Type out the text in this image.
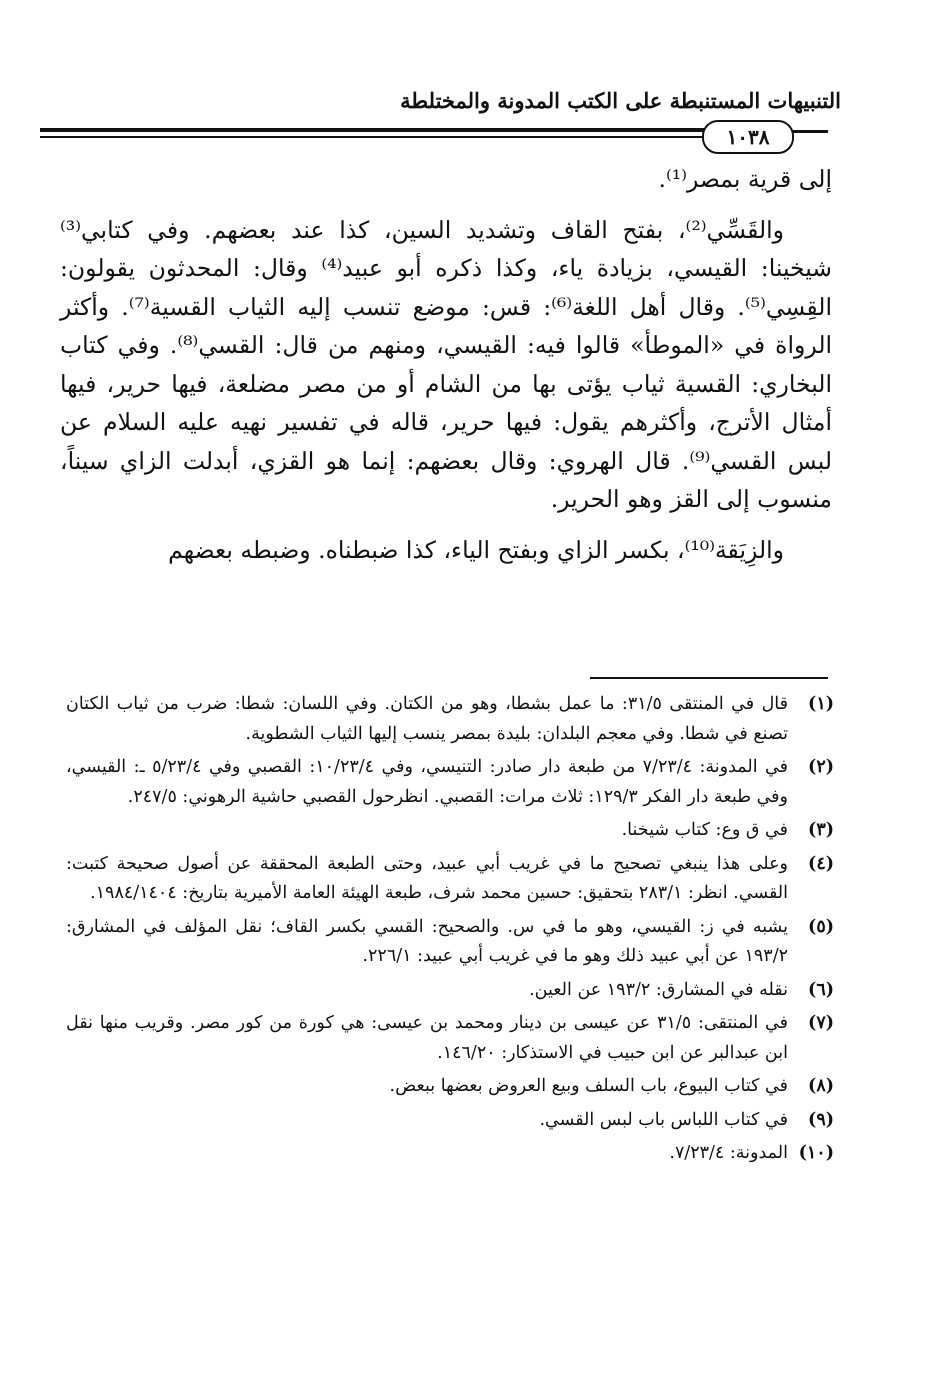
التنبيهات المستنبطة على الكتب المدونة والمختلطة
١٠٣٨

إلى قرية بمصر⁽¹⁾.

والقَسِّي⁽²⁾، بفتح القاف وتشديد السين، كذا عند بعضهم. وفي كتابي⁽³⁾ شيخينا: القيسي، بزيادة ياء، وكذا ذكره أبو عبيد⁽⁴⁾ وقال: المحدثون يقولون: القِسِي⁽⁵⁾. وقال أهل اللغة⁽⁶⁾: قس: موضع تنسب إليه الثياب القسية⁽⁷⁾. وأكثر الرواة في «الموطأ» قالوا فيه: القيسي، ومنهم من قال: القسي⁽⁸⁾. وفي كتاب البخاري: القسية ثياب يؤتى بها من الشام أو من مصر مضلعة، فيها حرير، فيها أمثال الأترج، وأكثرهم يقول: فيها حرير، قاله في تفسير نهيه عليه السلام عن لبس القسي⁽⁹⁾. قال الهروي: وقال بعضهم: إنما هو القزي، أبدلت الزاي سيناً، منسوب إلى القز وهو الحرير.

والزِيَقة⁽¹⁰⁾، بكسر الزاي وبفتح الياء، كذا ضبطناه. وضبطه بعضهم

(١)
قال في المنتقى ٣١/٥: ما عمل بشطا، وهو من الكتان. وفي اللسان: شطا: ضرب من ثياب الكتان تصنع في شطا. وفي معجم البلدان: بليدة بمصر ينسب إليها الثياب الشطوية.
(٢)
في المدونة: ٧/٢٣/٤ من طبعة دار صادر: التنيسي، وفي ١٠/٢٣/٤: القصبي وفي ٥/٢٣/٤ ـ: القيسي، وفي طبعة دار الفكر ١٢٩/٣: ثلاث مرات: القصبي. انظرحول القصبي حاشية الرهوني: ٢٤٧/٥.
(٣)
في ق وع: كتاب شيخنا.
(٤)
وعلى هذا ينبغي تصحيح ما في غريب أبي عبيد، وحتى الطبعة المحققة عن أصول صحيحة كتبت: القسي. انظر: ٢٨٣/١ بتحقيق: حسين محمد شرف، طبعة الهيئة العامة الأميرية بتاريخ: ١٩٨٤/١٤٠٤.
(٥)
يشبه في ز: القيسي، وهو ما في س. والصحيح: القسي بكسر القاف؛ نقل المؤلف في المشارق: ١٩٣/٢ عن أبي عبيد ذلك وهو ما في غريب أبي عبيد: ٢٢٦/١.
(٦)
نقله في المشارق: ١٩٣/٢ عن العين.
(٧)
في المنتقى: ٣١/٥ عن عيسى بن دينار ومحمد بن عيسى: هي كورة من كور مصر. وقريب منها نقل ابن عبدالبر عن ابن حبيب في الاستذكار: ١٤٦/٢٠.
(٨)
في كتاب البيوع، باب السلف وبيع العروض بعضها ببعض.
(٩)
في كتاب اللباس باب لبس القسي.
(١٠)
المدونة: ٧/٢٣/٤.
